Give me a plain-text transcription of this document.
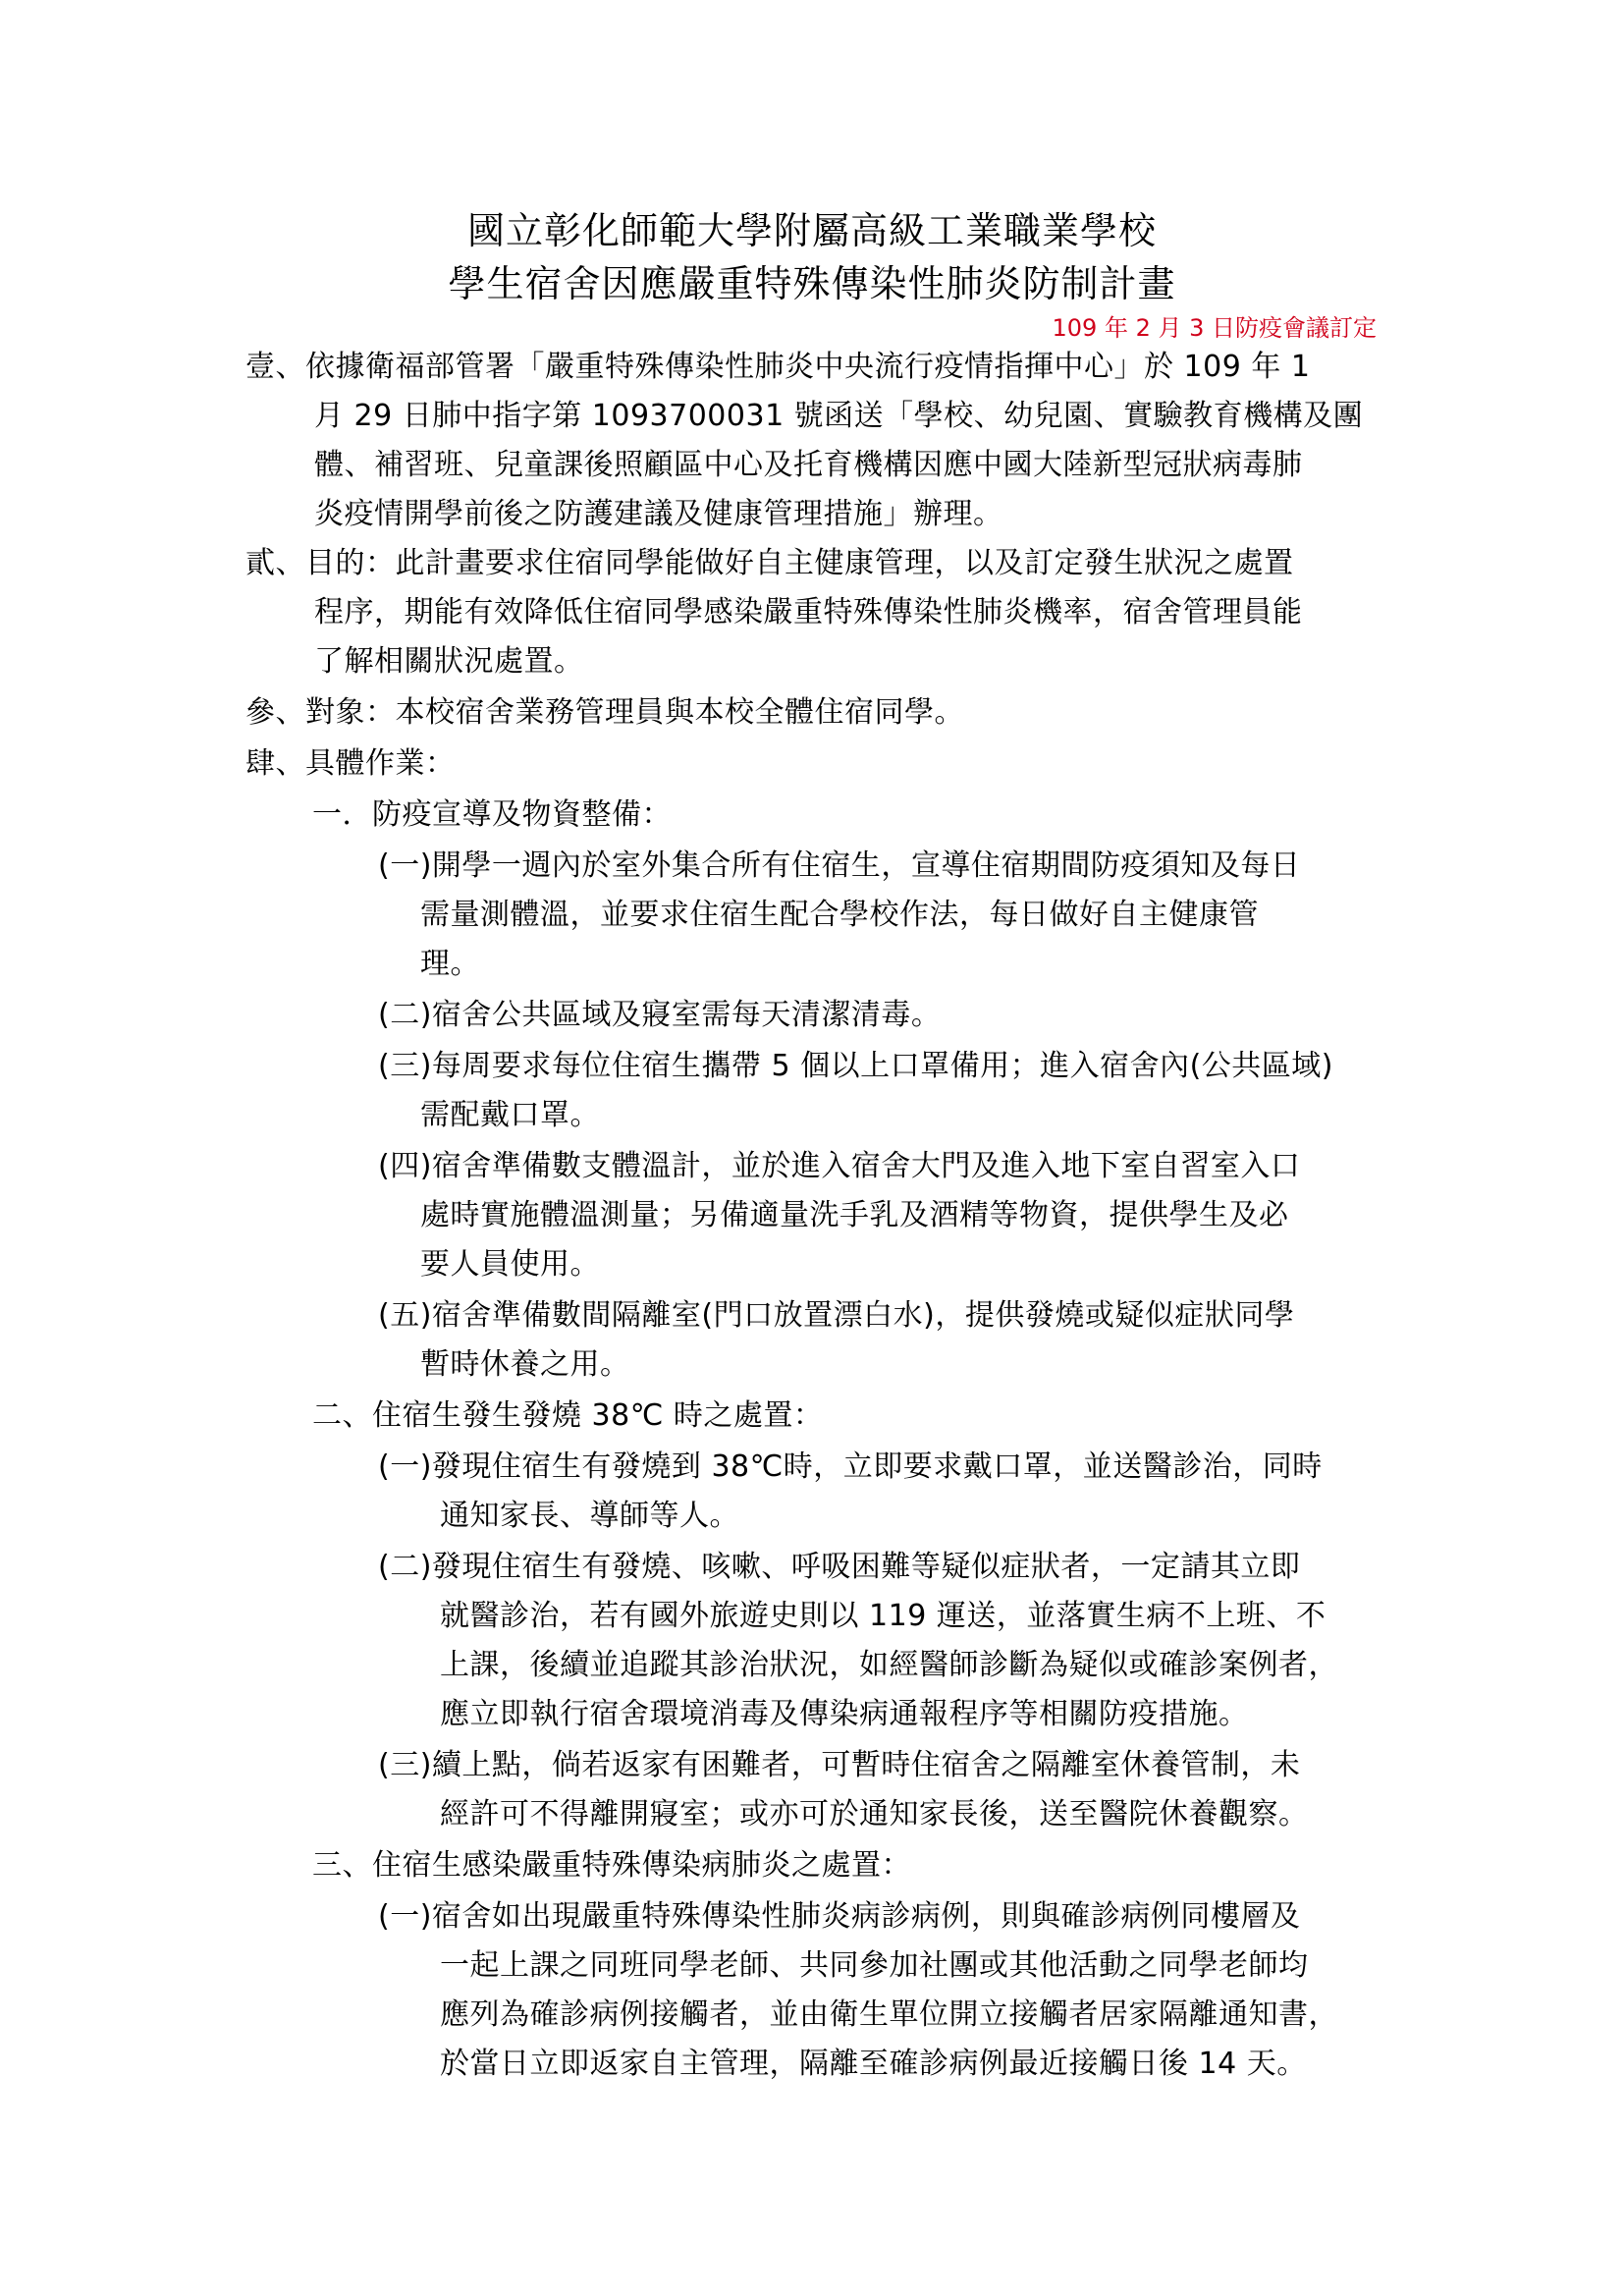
國立彰化師範大學附屬高級工業職業學校
學生宿舍因應嚴重特殊傳染性肺炎防制計畫
109 年 2 月 3 日防疫會議訂定
壹、依據衛福部管署「嚴重特殊傳染性肺炎中央流行疫情指揮中心」於 109 年 1
月 29 日肺中指字第 1093700031 號函送「學校、幼兒園、實驗教育機構及團
體、補習班、兒童課後照顧區中心及托育機構因應中國大陸新型冠狀病毒肺
炎疫情開學前後之防護建議及健康管理措施」辦理。
貳、目的：此計畫要求住宿同學能做好自主健康管理，以及訂定發生狀況之處置
程序，期能有效降低住宿同學感染嚴重特殊傳染性肺炎機率，宿舍管理員能
了解相關狀況處置。
參、對象：本校宿舍業務管理員與本校全體住宿同學。
肆、具體作業：
一．防疫宣導及物資整備：
(一)開學一週內於室外集合所有住宿生，宣導住宿期間防疫須知及每日
需量測體溫，並要求住宿生配合學校作法，每日做好自主健康管
理。
(二)宿舍公共區域及寢室需每天清潔清毒。
(三)每周要求每位住宿生攜帶 5 個以上口罩備用；進入宿舍內(公共區域)
需配戴口罩。
(四)宿舍準備數支體溫計，並於進入宿舍大門及進入地下室自習室入口
處時實施體溫測量；另備適量洗手乳及酒精等物資，提供學生及必
要人員使用。
(五)宿舍準備數間隔離室(門口放置漂白水)，提供發燒或疑似症狀同學
暫時休養之用。
二、住宿生發生發燒 38℃ 時之處置：
(一)發現住宿生有發燒到 38℃時，立即要求戴口罩，並送醫診治，同時
通知家長、導師等人。
(二)發現住宿生有發燒、咳嗽、呼吸困難等疑似症狀者，一定請其立即
就醫診治，若有國外旅遊史則以 119 運送，並落實生病不上班、不
上課，後續並追蹤其診治狀況，如經醫師診斷為疑似或確診案例者，
應立即執行宿舍環境消毒及傳染病通報程序等相關防疫措施。
(三)續上點，倘若返家有困難者，可暫時住宿舍之隔離室休養管制，未
經許可不得離開寢室；或亦可於通知家長後，送至醫院休養觀察。
三、住宿生感染嚴重特殊傳染病肺炎之處置：
(一)宿舍如出現嚴重特殊傳染性肺炎病診病例，則與確診病例同樓層及
一起上課之同班同學老師、共同參加社團或其他活動之同學老師均
應列為確診病例接觸者，並由衛生單位開立接觸者居家隔離通知書，
於當日立即返家自主管理，隔離至確診病例最近接觸日後 14 天。
